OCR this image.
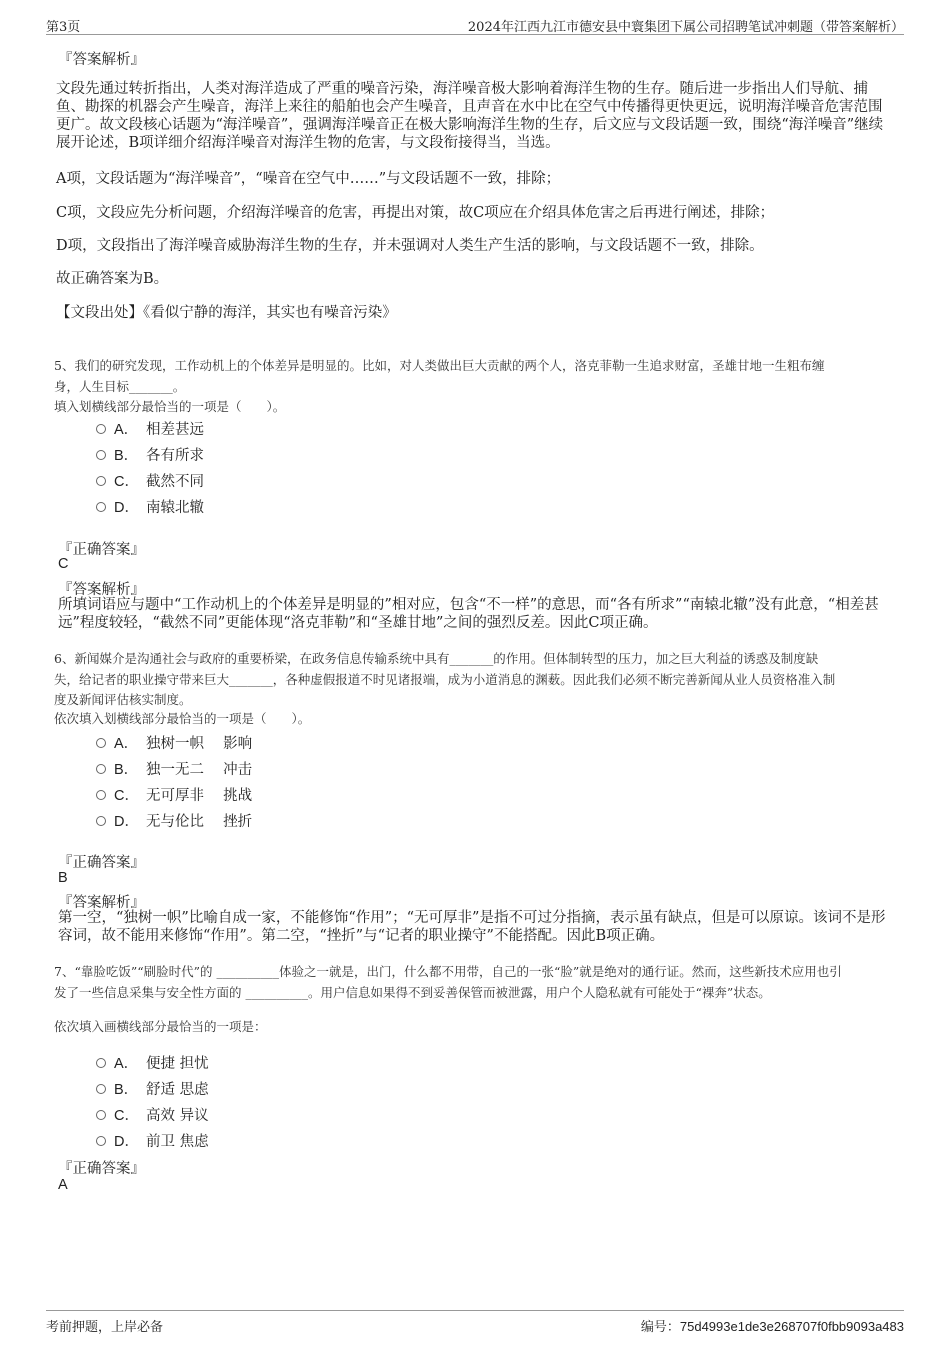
第3页	2024年江西九江市德安县中寰集团下属公司招聘笔试冲刺题（带答案解析）
『答案解析』
文段先通过转折指出，人类对海洋造成了严重的噪音污染，海洋噪音极大影响着海洋生物的生存。随后进一步指出人们导航、捕鱼、勘探的机器会产生噪音，海洋上来往的船舶也会产生噪音，且声音在水中比在空气中传播得更快更远，说明海洋噪音危害范围更广。故文段核心话题为“海洋噪音”，强调海洋噪音正在极大影响海洋生物的生存，后文应与文段话题一致，围绕“海洋噪音”继续展开论述，B项详细介绍海洋噪音对海洋生物的危害，与文段衔接得当，当选。
A项，文段话题为“海洋噪音”，“噪音在空气中……”与文段话题不一致，排除；
C项，文段应先分析问题，介绍海洋噪音的危害，再提出对策，故C项应在介绍具体危害之后再进行阐述，排除；
D项，文段指出了海洋噪音威胁海洋生物的生存，并未强调对人类生产生活的影响，与文段话题不一致，排除。
故正确答案为B。
【文段出处】《看似宁静的海洋，其实也有噪音污染》
5、我们的研究发现，工作动机上的个体差异是明显的。比如，对人类做出巨大贡献的两个人，洛克菲勒一生追求财富，圣雄甘地一生粗布缠
身，人生目标_______。
填入划横线部分最恰当的一项是（　　）。
A． 相差甚远
B． 各有所求
C． 截然不同
D． 南辕北辙
『正确答案』
C
『答案解析』
所填词语应与题中“工作动机上的个体差异是明显的”相对应，包含“不一样”的意思，而“各有所求”“南辕北辙”没有此意，“相差甚远”程度较轻，“截然不同”更能体现“洛克菲勒”和“圣雄甘地”之间的强烈反差。因此C项正确。
6、新闻媒介是沟通社会与政府的重要桥梁，在政务信息传输系统中具有_______的作用。但体制转型的压力，加之巨大利益的诱惑及制度缺
失，给记者的职业操守带来巨大_______，各种虚假报道不时见诸报端，成为小道消息的渊薮。因此我们必须不断完善新闻从业人员资格准入制
度及新闻评估核实制度。
依次填入划横线部分最恰当的一项是（　　）。
A． 独树一帜　 影响
B． 独一无二　 冲击
C． 无可厚非　 挑战
D． 无与伦比　 挫折
『正确答案』
B
『答案解析』
第一空，“独树一帜”比喻自成一家，不能修饰“作用”；“无可厚非”是指不可过分指摘，表示虽有缺点，但是可以原谅。该词不是形容词，故不能用来修饰“作用”。第二空，“挫折”与“记者的职业操守”不能搭配。因此B项正确。
7、“靠脸吃饭”“刷脸时代”的 __________体验之一就是，出门，什么都不用带，自己的一张“脸”就是绝对的通行证。然而，这些新技术应用也引
发了一些信息采集与安全性方面的 __________。用户信息如果得不到妥善保管而被泄露，用户个人隐私就有可能处于“裸奔”状态。
依次填入画横线部分最恰当的一项是：
A． 便捷 担忧
B． 舒适 思虑
C． 高效 异议
D． 前卫 焦虑
『正确答案』
A
考前押题，上岸必备	编号：75d4993e1de3e268707f0fbb9093a483
